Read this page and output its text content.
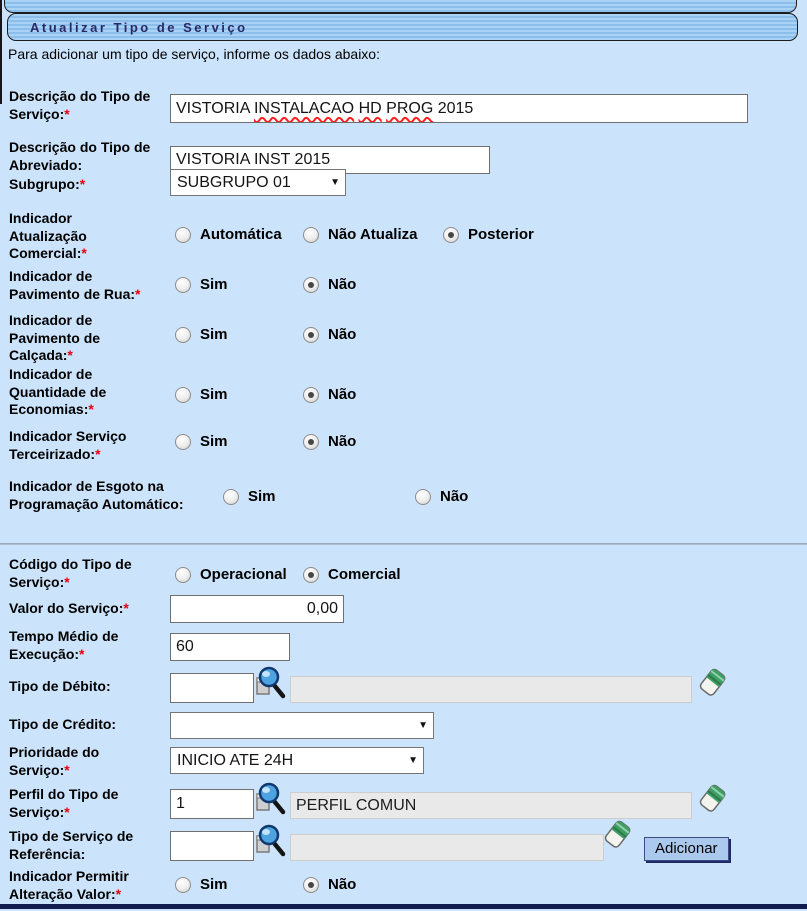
Atualizar Tipo de Serviço
Para adicionar um tipo de serviço, informe os dados abaixo:
Descrição do Tipo de Serviço:*	VISTORIA INSTALACAO
HD
PROG 2015
Descrição do Tipo de Abreviado:
VISTORIA INST 2015
Subgrupo:*	SUBGRUPO 01	▼
Indicador Atualização Comercial:*
Automática	Não Atualiza	Posterior
Indicador de Pavimento de Rua:*
Sim	Não
Indicador de Pavimento de Calçada:*
Sim	Não
Indicador de Quantidade de Economias:*
Sim	Não
Indicador Serviço Terceirizado:*
Sim	Não
Indicador de Esgoto na Programação Automático:	Sim	Não
Código do Tipo de Serviço:*	Operacional	Comercial
Valor do Serviço:*
0,00
Tempo Médio de Execução:*
60
Tipo de Débito:
Tipo de Crédito:	▼
Prioridade do Serviço:*
INICIO ATE 24H	▼
Perfil do Tipo de Serviço:*
1	PERFIL COMUN
Tipo de Serviço de Referência:	Adicionar
Indicador Permitir Alteração Valor:*
Sim	Não
